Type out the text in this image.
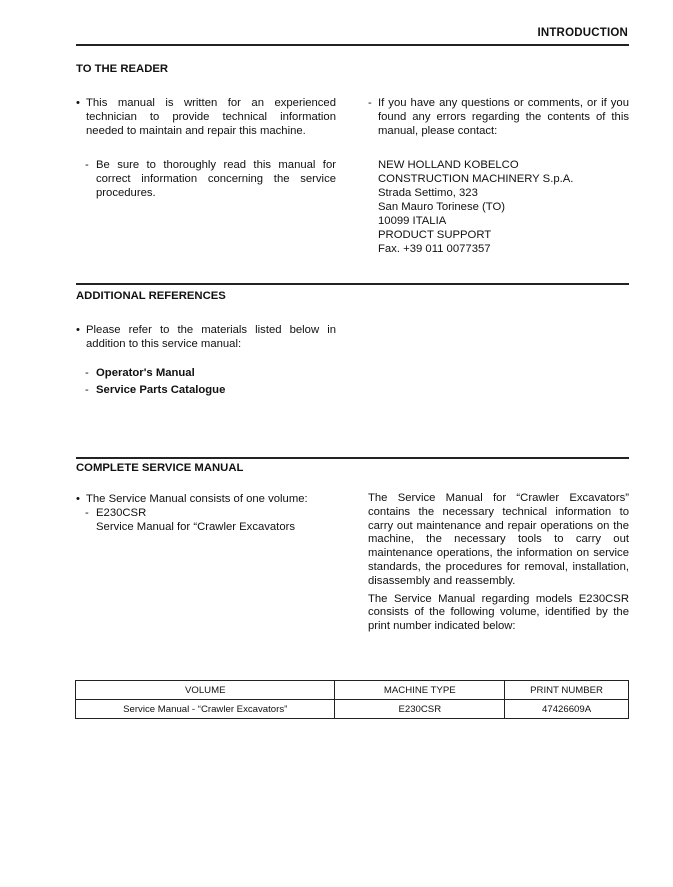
INTRODUCTION
TO THE READER
• This manual is written for an experienced technician to provide technical information needed to maintain and repair this machine.
- Be sure to thoroughly read this manual for correct information concerning the service procedures.
- If you have any questions or comments, or if you found any errors regarding the contents of this manual, please contact:
NEW HOLLAND KOBELCO
CONSTRUCTION MACHINERY S.p.A.
Strada Settimo, 323
San Mauro Torinese (TO)
10099 ITALIA
PRODUCT SUPPORT
Fax. +39 011 0077357
ADDITIONAL REFERENCES
• Please refer to the materials listed below in addition to this service manual:
- Operator's Manual
- Service Parts Catalogue
COMPLETE SERVICE MANUAL
• The Service Manual consists of one volume:
- E230CSR
Service Manual for “Crawler Excavators

The Service Manual for “Crawler Excavators” contains the necessary technical information to carry out maintenance and repair operations on the machine, the necessary tools to carry out maintenance operations, the information on service standards, the procedures for removal, installation, disassembly and reassembly.

The Service Manual regarding models E230CSR consists of the following volume, identified by the print number indicated below:

VOLUME	MACHINE TYPE	PRINT NUMBER
Service Manual - “Crawler Excavators”	E230CSR	47426609A
